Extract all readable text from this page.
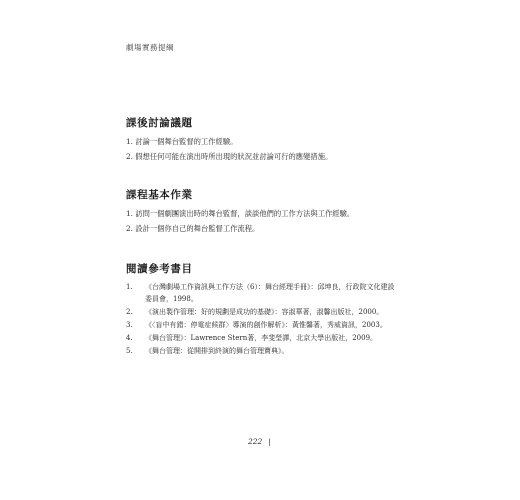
劇場實務提綱
課後討論議題
1. 討論一個舞台監督的工作經驗。
2. 假想任何可能在演出時所出現的狀況並討論可行的應變措施。
課程基本作業
1. 訪問一個劇團演出時的舞台監督，談談他們的工作方法與工作經驗。
2. 設計一個你自己的舞台監督工作流程。
閱讀參考書目
1.	《台灣劇場工作資訊與工作方法（6）：舞台經理手冊》：邱坤良，行政院文化建設委員會，1998。
2.	《演出製作管理：好的規劃是成功的基礎》：容淑華著，淑馨出版社，2000。
3.	《〈盲中有錯：停電症候群〉導演的創作解析》：黃惟馨著，秀威資訊，2003。
4.	《舞台管理》：Lawrence Stern著，李斐瑩譯，北京大學出版社，2009。
5.	《舞台管理：從開排到終演的舞台管理寶典》。
222 |
